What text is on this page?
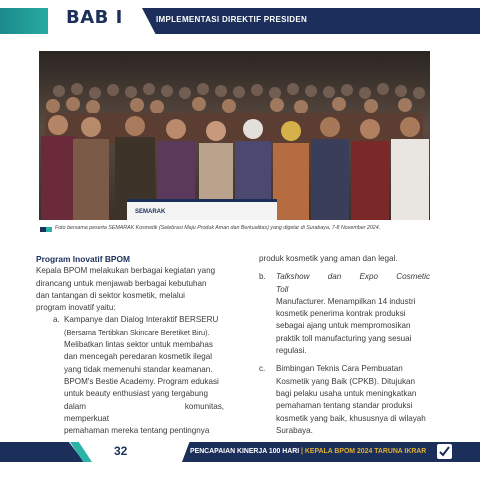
BAB I	IMPLEMENTASI DIREKTIF PRESIDEN
SEMARAK
Foto bersama peserta SEMARAK Kosmetik (Selebrasi Maju Produk Aman dan Berkualitas) yang digelar di Surabaya, 7-8 November 2024.
Program Inovatif BPOM
Kepala BPOM melakukan berbagai kegiatan yang
dirancang untuk menjawab berbagai kebutuhan
dan tantangan di sektor kosmetik, melalui
program inovatif yaitu:
a. Kampanye dan Dialog Interaktif BERSERU
(Bersama Tertibkan Skincare Beretiket Biru).
Melibatkan lintas sektor untuk membahas
dan mencegah peredaran kosmetik ilegal
yang tidak memenuhi standar keamanan.
BPOM's Bestie Academy. Program edukasi
untuk beauty enthusiast yang tergabung
dalam komunitas, memperkuat
pemahaman mereka tentang pentingnya
produk kosmetik yang aman dan legal.
b. Talkshow dan Expo Cosmetic Toll
Manufacturer. Menampilkan 14 industri
kosmetik penerima kontrak produksi
sebagai ajang untuk mempromosikan
praktik toll manufacturing yang sesuai
regulasi.
c. Bimbingan Teknis Cara Pembuatan
Kosmetik yang Baik (CPKB). Ditujukan
bagi pelaku usaha untuk meningkatkan
pemahaman tentang standar produksi
kosmetik yang baik, khususnya di wilayah
Surabaya.
32	PENCAPAIAN KINERJA 100 HARI | KEPALA BPOM 2024 TARUNA IKRAR
